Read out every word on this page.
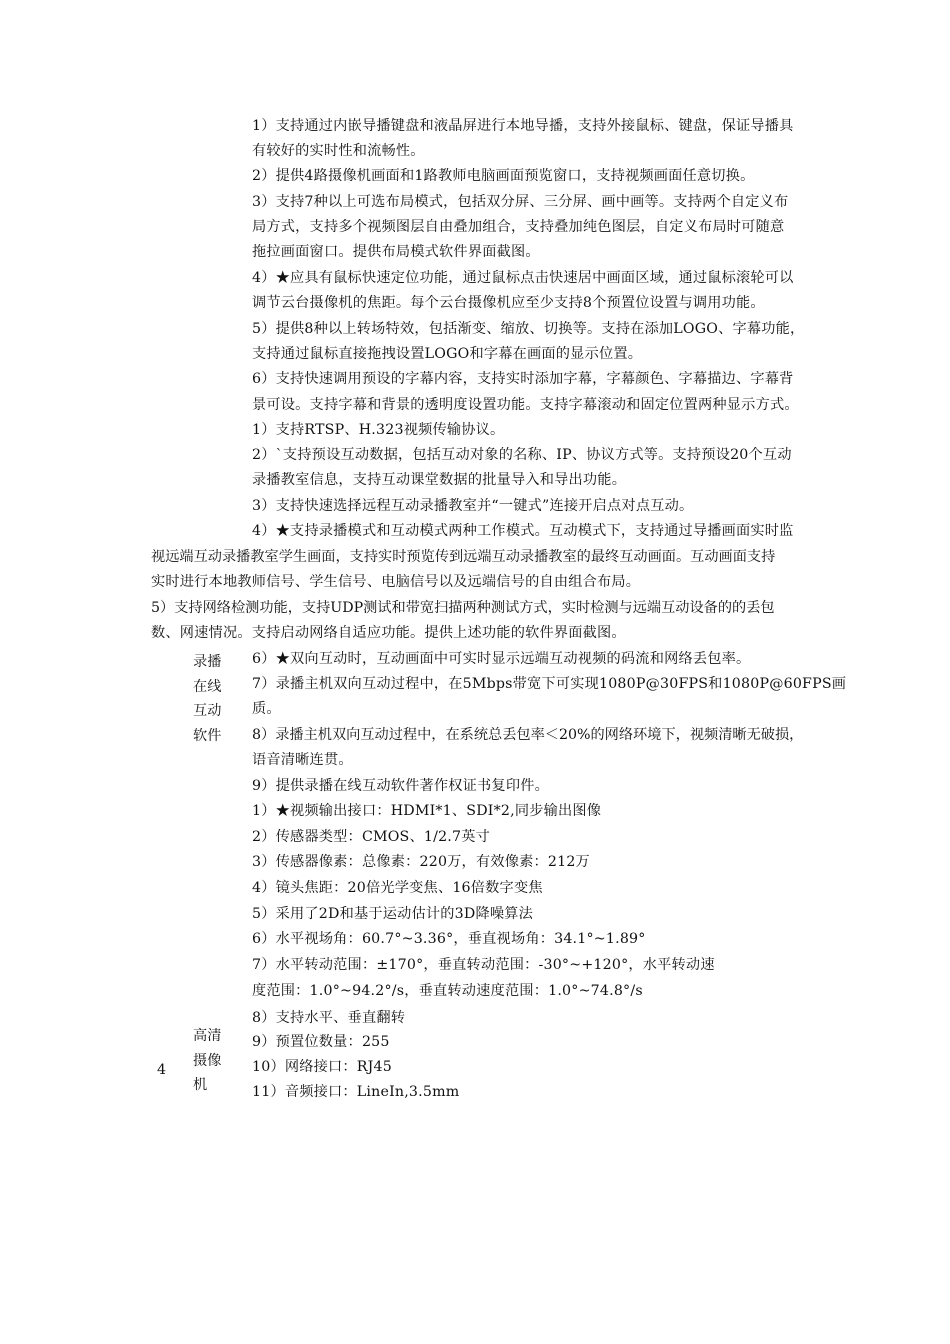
1）支持通过内嵌导播键盘和液晶屏进行本地导播，支持外接鼠标、键盘，保证导播具
有较好的实时性和流畅性。
2）提供4路摄像机画面和1路教师电脑画面预览窗口，支持视频画面任意切换。
3）支持7种以上可选布局模式，包括双分屏、三分屏、画中画等。支持两个自定义布
局方式，支持多个视频图层自由叠加组合，支持叠加纯色图层，自定义布局时可随意
拖拉画面窗口。提供布局模式软件界面截图。
4）★应具有鼠标快速定位功能，通过鼠标点击快速居中画面区域，通过鼠标滚轮可以
调节云台摄像机的焦距。每个云台摄像机应至少支持8个预置位设置与调用功能。
5）提供8种以上转场特效，包括渐变、缩放、切换等。支持在添加LOGO、字幕功能，
支持通过鼠标直接拖拽设置LOGO和字幕在画面的显示位置。
6）支持快速调用预设的字幕内容，支持实时添加字幕，字幕颜色、字幕描边、字幕背
景可设。支持字幕和背景的透明度设置功能。支持字幕滚动和固定位置两种显示方式。
1）支持RTSP、H.323视频传输协议。
2）`支持预设互动数据，包括互动对象的名称、IP、协议方式等。支持预设20个互动
录播教室信息，支持互动课堂数据的批量导入和导出功能。
3）支持快速选择远程互动录播教室并“一键式”连接开启点对点互动。
4）★支持录播模式和互动模式两种工作模式。互动模式下，支持通过导播画面实时监
视远端互动录播教室学生画面，支持实时预览传到远端互动录播教室的最终互动画面。互动画面支持
实时进行本地教师信号、学生信号、电脑信号以及远端信号的自由组合布局。
5）支持网络检测功能，支持UDP测试和带宽扫描两种测试方式，实时检测与远端互动设备的的丢包
数、网速情况。支持启动网络自适应功能。提供上述功能的软件界面截图。
录播
在线
互动
软件
6）★双向互动时，互动画面中可实时显示远端互动视频的码流和网络丢包率。
7）录播主机双向互动过程中，在5Mbps带宽下可实现1080P@30FPS和1080P@60FPS画
质。
8）录播主机双向互动过程中，在系统总丢包率＜20%的网络环境下，视频清晰无破损，
语音清晰连贯。
9）提供录播在线互动软件著作权证书复印件。
4
高清
摄像
机
1）★视频输出接口：HDMI*1、SDI*2,同步输出图像
2）传感器类型：CMOS、1/2.7英寸
3）传感器像素：总像素：220万，有效像素：212万
4）镜头焦距：20倍光学变焦、16倍数字变焦
5）采用了2D和基于运动估计的3D降噪算法
6）水平视场角：60.7°~3.36°，垂直视场角：34.1°~1.89°
7）水平转动范围：±170°，垂直转动范围：-30°~+120°，水平转动速
度范围：1.0°~94.2°/s，垂直转动速度范围：1.0°~74.8°/s
8）支持水平、垂直翻转
9）预置位数量：255
10）网络接口：RJ45
11）音频接口：LineIn,3.5mm
